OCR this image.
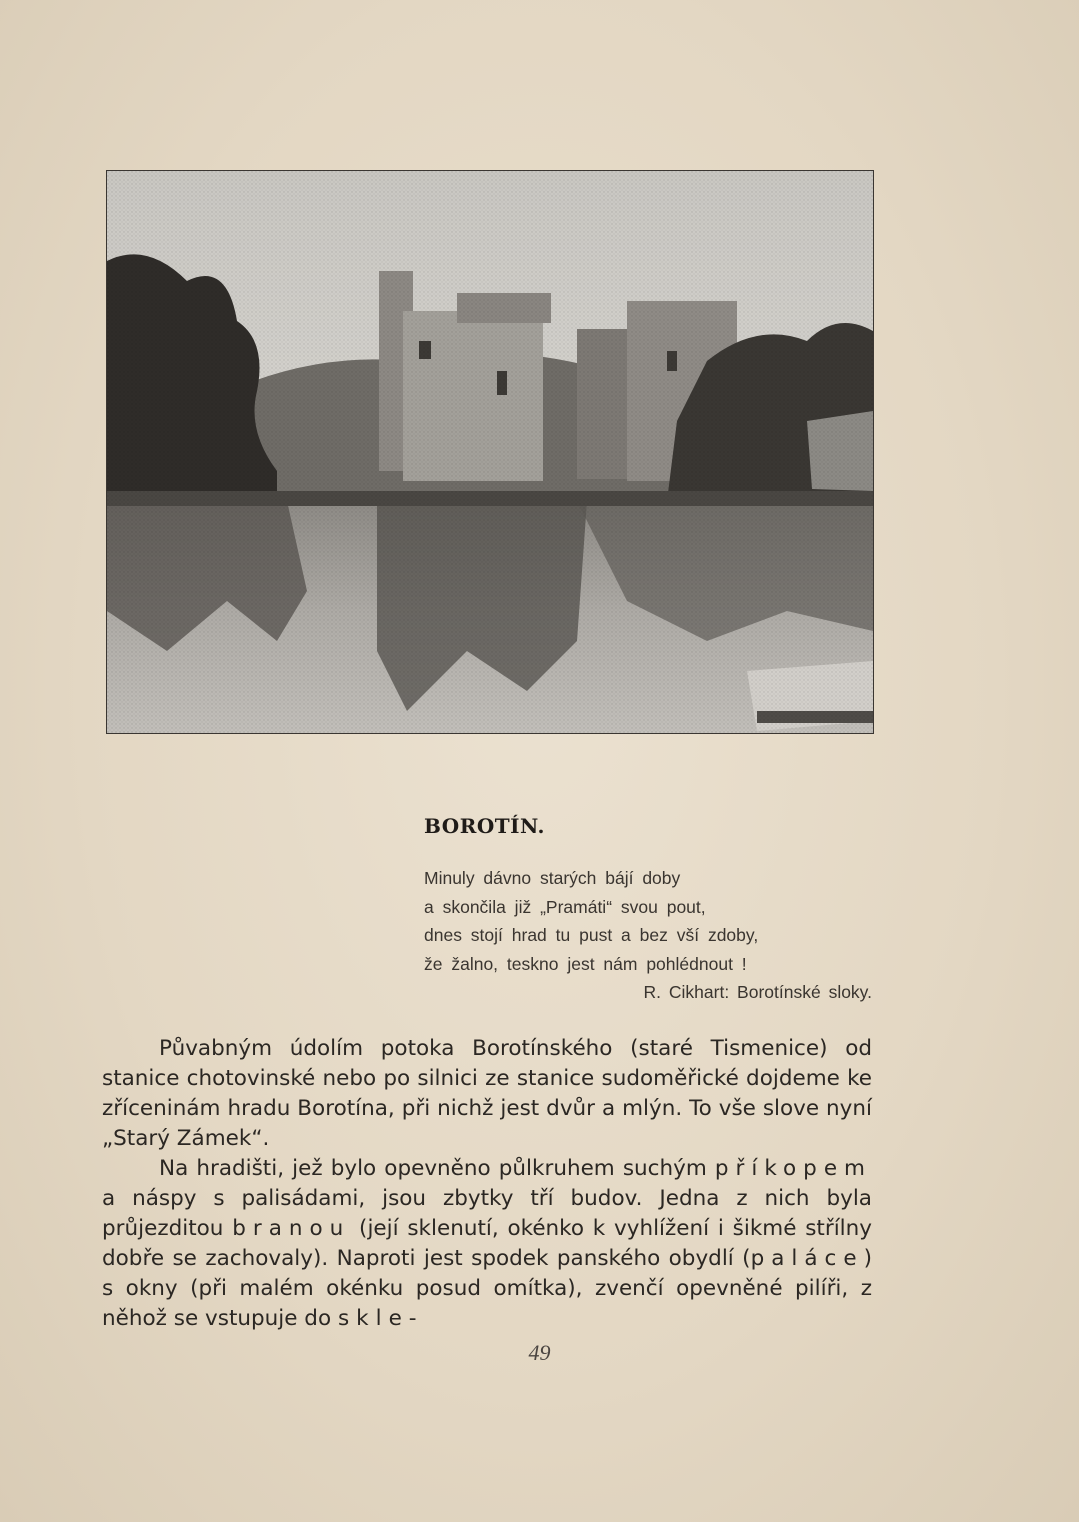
BOROTÍN.
Minuly dávno starých bájí doby
a skončila již „Pramáti“ svou pout,
dnes stojí hrad tu pust a bez vší zdoby,
že žalno, teskno jest nám pohlédnout !
R. Cikhart: Borotínské sloky.

Půvabným údolím potoka Borotínského (staré Tismenice) od stanice chotovinské nebo po silnici ze stanice sudoměřické dojdeme ke zříceninám hradu Borotína, při nichž jest dvůr a mlýn. To vše slove nyní „Starý Zámek“.

Na hradišti, jež bylo opevněno půlkruhem suchým příkopem a náspy s palisádami, jsou zbytky tří budov. Jedna z nich byla průjezditou branou (její sklenutí, okénko k vyhlížení i šikmé střílny dobře se zachovaly). Naproti jest spodek panského obydlí (paláce) s okny (při malém okénku posud omítka), zvenčí opevněné pilíři, z něhož se vstupuje do skle-

49
